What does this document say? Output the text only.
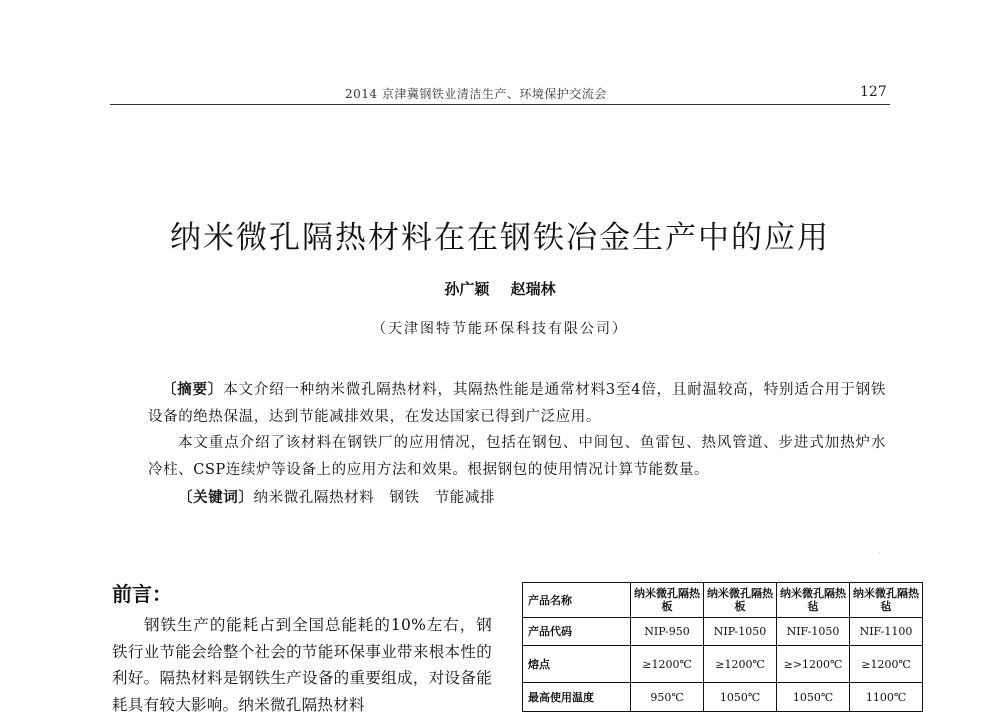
2014 京津冀钢铁业清洁生产、环境保护交流会	127
纳米微孔隔热材料在在钢铁冶金生产中的应用
孙广颖 赵瑞林
（天津图特节能环保科技有限公司）
〔摘要〕本文介绍一种纳米微孔隔热材料，其隔热性能是通常材料3至4倍，且耐温较高，特别适合用于钢铁设备的绝热保温，达到节能减排效果，在发达国家已得到广泛应用。
本文重点介绍了该材料在钢铁厂的应用情况，包括在钢包、中间包、鱼雷包、热风管道、步进式加热炉水冷柱、CSP连续炉等设备上的应用方法和效果。根据钢包的使用情况计算节能数量。
〔关键词〕纳米微孔隔热材料　钢铁　节能减排
·
前言：
钢铁生产的能耗占到全国总能耗的10%左右，钢铁行业节能会给整个社会的节能环保事业带来根本性的利好。隔热材料是钢铁生产设备的重要组成，对设备能耗具有较大影响。纳米微孔隔热材料
产品名称	纳米微孔隔热板	纳米微孔隔热板	纳米微孔隔热毡	纳米微孔隔热毡
产品代码	NIP-950	NIP-1050	NIF-1050	NIF-1100
熔点	≥1200℃	≥1200℃	≥>1200℃	≥1200℃
最高使用温度	950℃	1050℃	1050℃	1100℃
